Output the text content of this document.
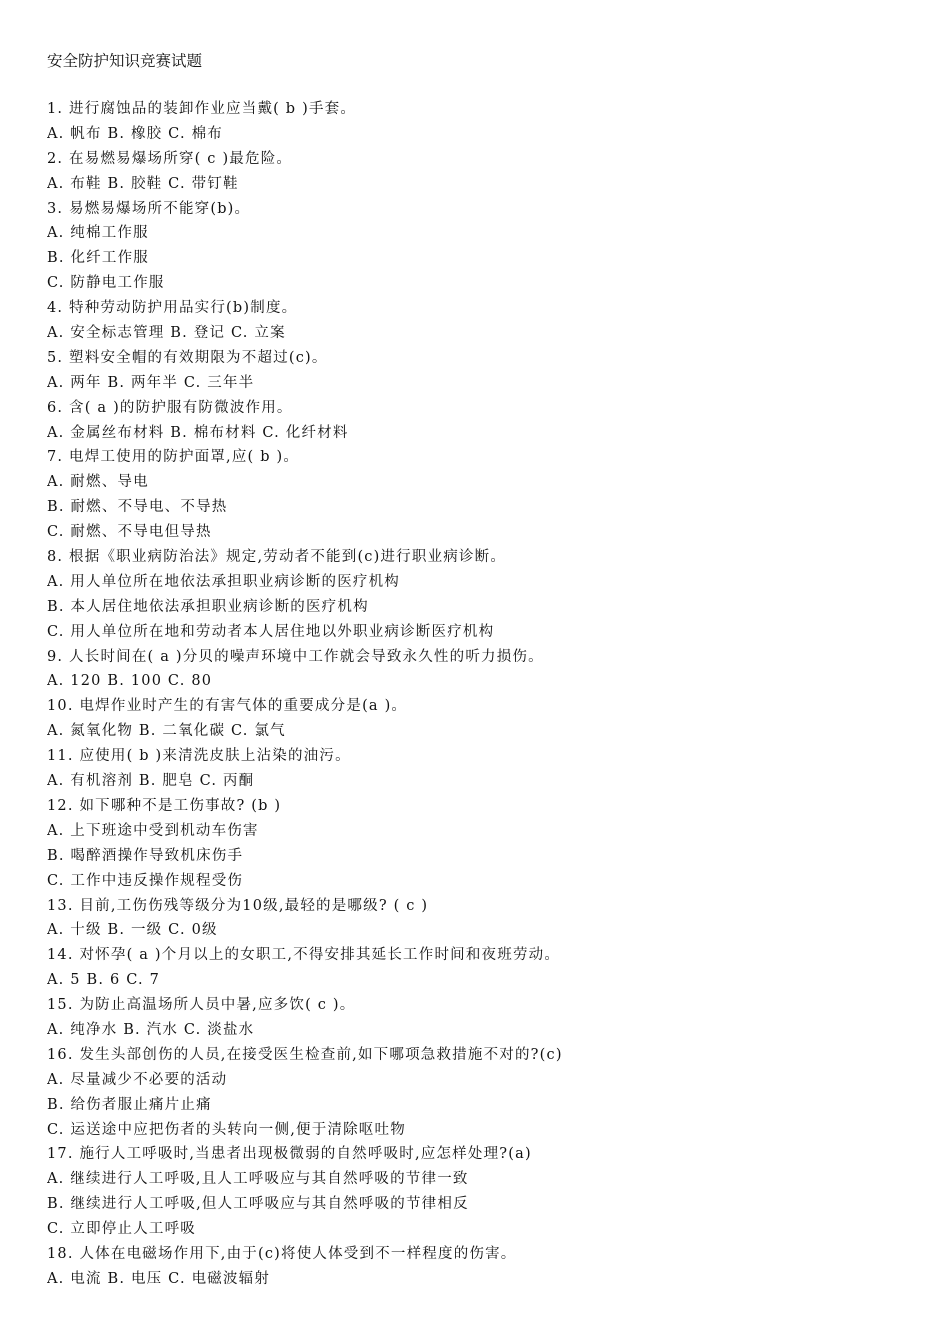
安全防护知识竞赛试题
1. 进行腐蚀品的装卸作业应当戴( b )手套。
A. 帆布 B. 橡胶 C. 棉布
2. 在易燃易爆场所穿( c )最危险。
A. 布鞋 B. 胶鞋 C. 带钉鞋
3. 易燃易爆场所不能穿(b)。
A. 纯棉工作服
B. 化纤工作服
C. 防静电工作服
4. 特种劳动防护用品实行(b)制度。
A. 安全标志管理 B. 登记 C. 立案
5. 塑料安全帽的有效期限为不超过(c)。
A. 两年 B. 两年半 C. 三年半
6. 含( a )的防护服有防微波作用。
A. 金属丝布材料 B. 棉布材料 C. 化纤材料
7. 电焊工使用的防护面罩,应( b )。
A. 耐燃、导电
B. 耐燃、不导电、不导热
C. 耐燃、不导电但导热
8. 根据《职业病防治法》规定,劳动者不能到(c)进行职业病诊断。
A. 用人单位所在地依法承担职业病诊断的医疗机构
B. 本人居住地依法承担职业病诊断的医疗机构
C. 用人单位所在地和劳动者本人居住地以外职业病诊断医疗机构
9. 人长时间在( a )分贝的噪声环境中工作就会导致永久性的听力损伤。
A. 120 B. 100 C. 80
10. 电焊作业时产生的有害气体的重要成分是(a )。
A. 氮氧化物 B. 二氧化碳 C. 氯气
11. 应使用( b )来清洗皮肤上沾染的油污。
A. 有机溶剂 B. 肥皂 C. 丙酮
12. 如下哪种不是工伤事故? (b )
A. 上下班途中受到机动车伤害
B. 喝醉酒操作导致机床伤手
C. 工作中违反操作规程受伤
13. 目前,工伤伤残等级分为10级,最轻的是哪级? ( c )
A. 十级 B. 一级 C. 0级
14. 对怀孕( a )个月以上的女职工,不得安排其延长工作时间和夜班劳动。
A. 5 B. 6 C. 7
15. 为防止高温场所人员中暑,应多饮( c )。
A. 纯净水 B. 汽水 C. 淡盐水
16. 发生头部创伤的人员,在接受医生检查前,如下哪项急救措施不对的?(c)
A. 尽量减少不必要的活动
B. 给伤者服止痛片止痛
C. 运送途中应把伤者的头转向一侧,便于清除呕吐物
17. 施行人工呼吸时,当患者出现极微弱的自然呼吸时,应怎样处理?(a)
A. 继续进行人工呼吸,且人工呼吸应与其自然呼吸的节律一致
B. 继续进行人工呼吸,但人工呼吸应与其自然呼吸的节律相反
C. 立即停止人工呼吸
18. 人体在电磁场作用下,由于(c)将使人体受到不一样程度的伤害。
A. 电流 B. 电压 C. 电磁波辐射
